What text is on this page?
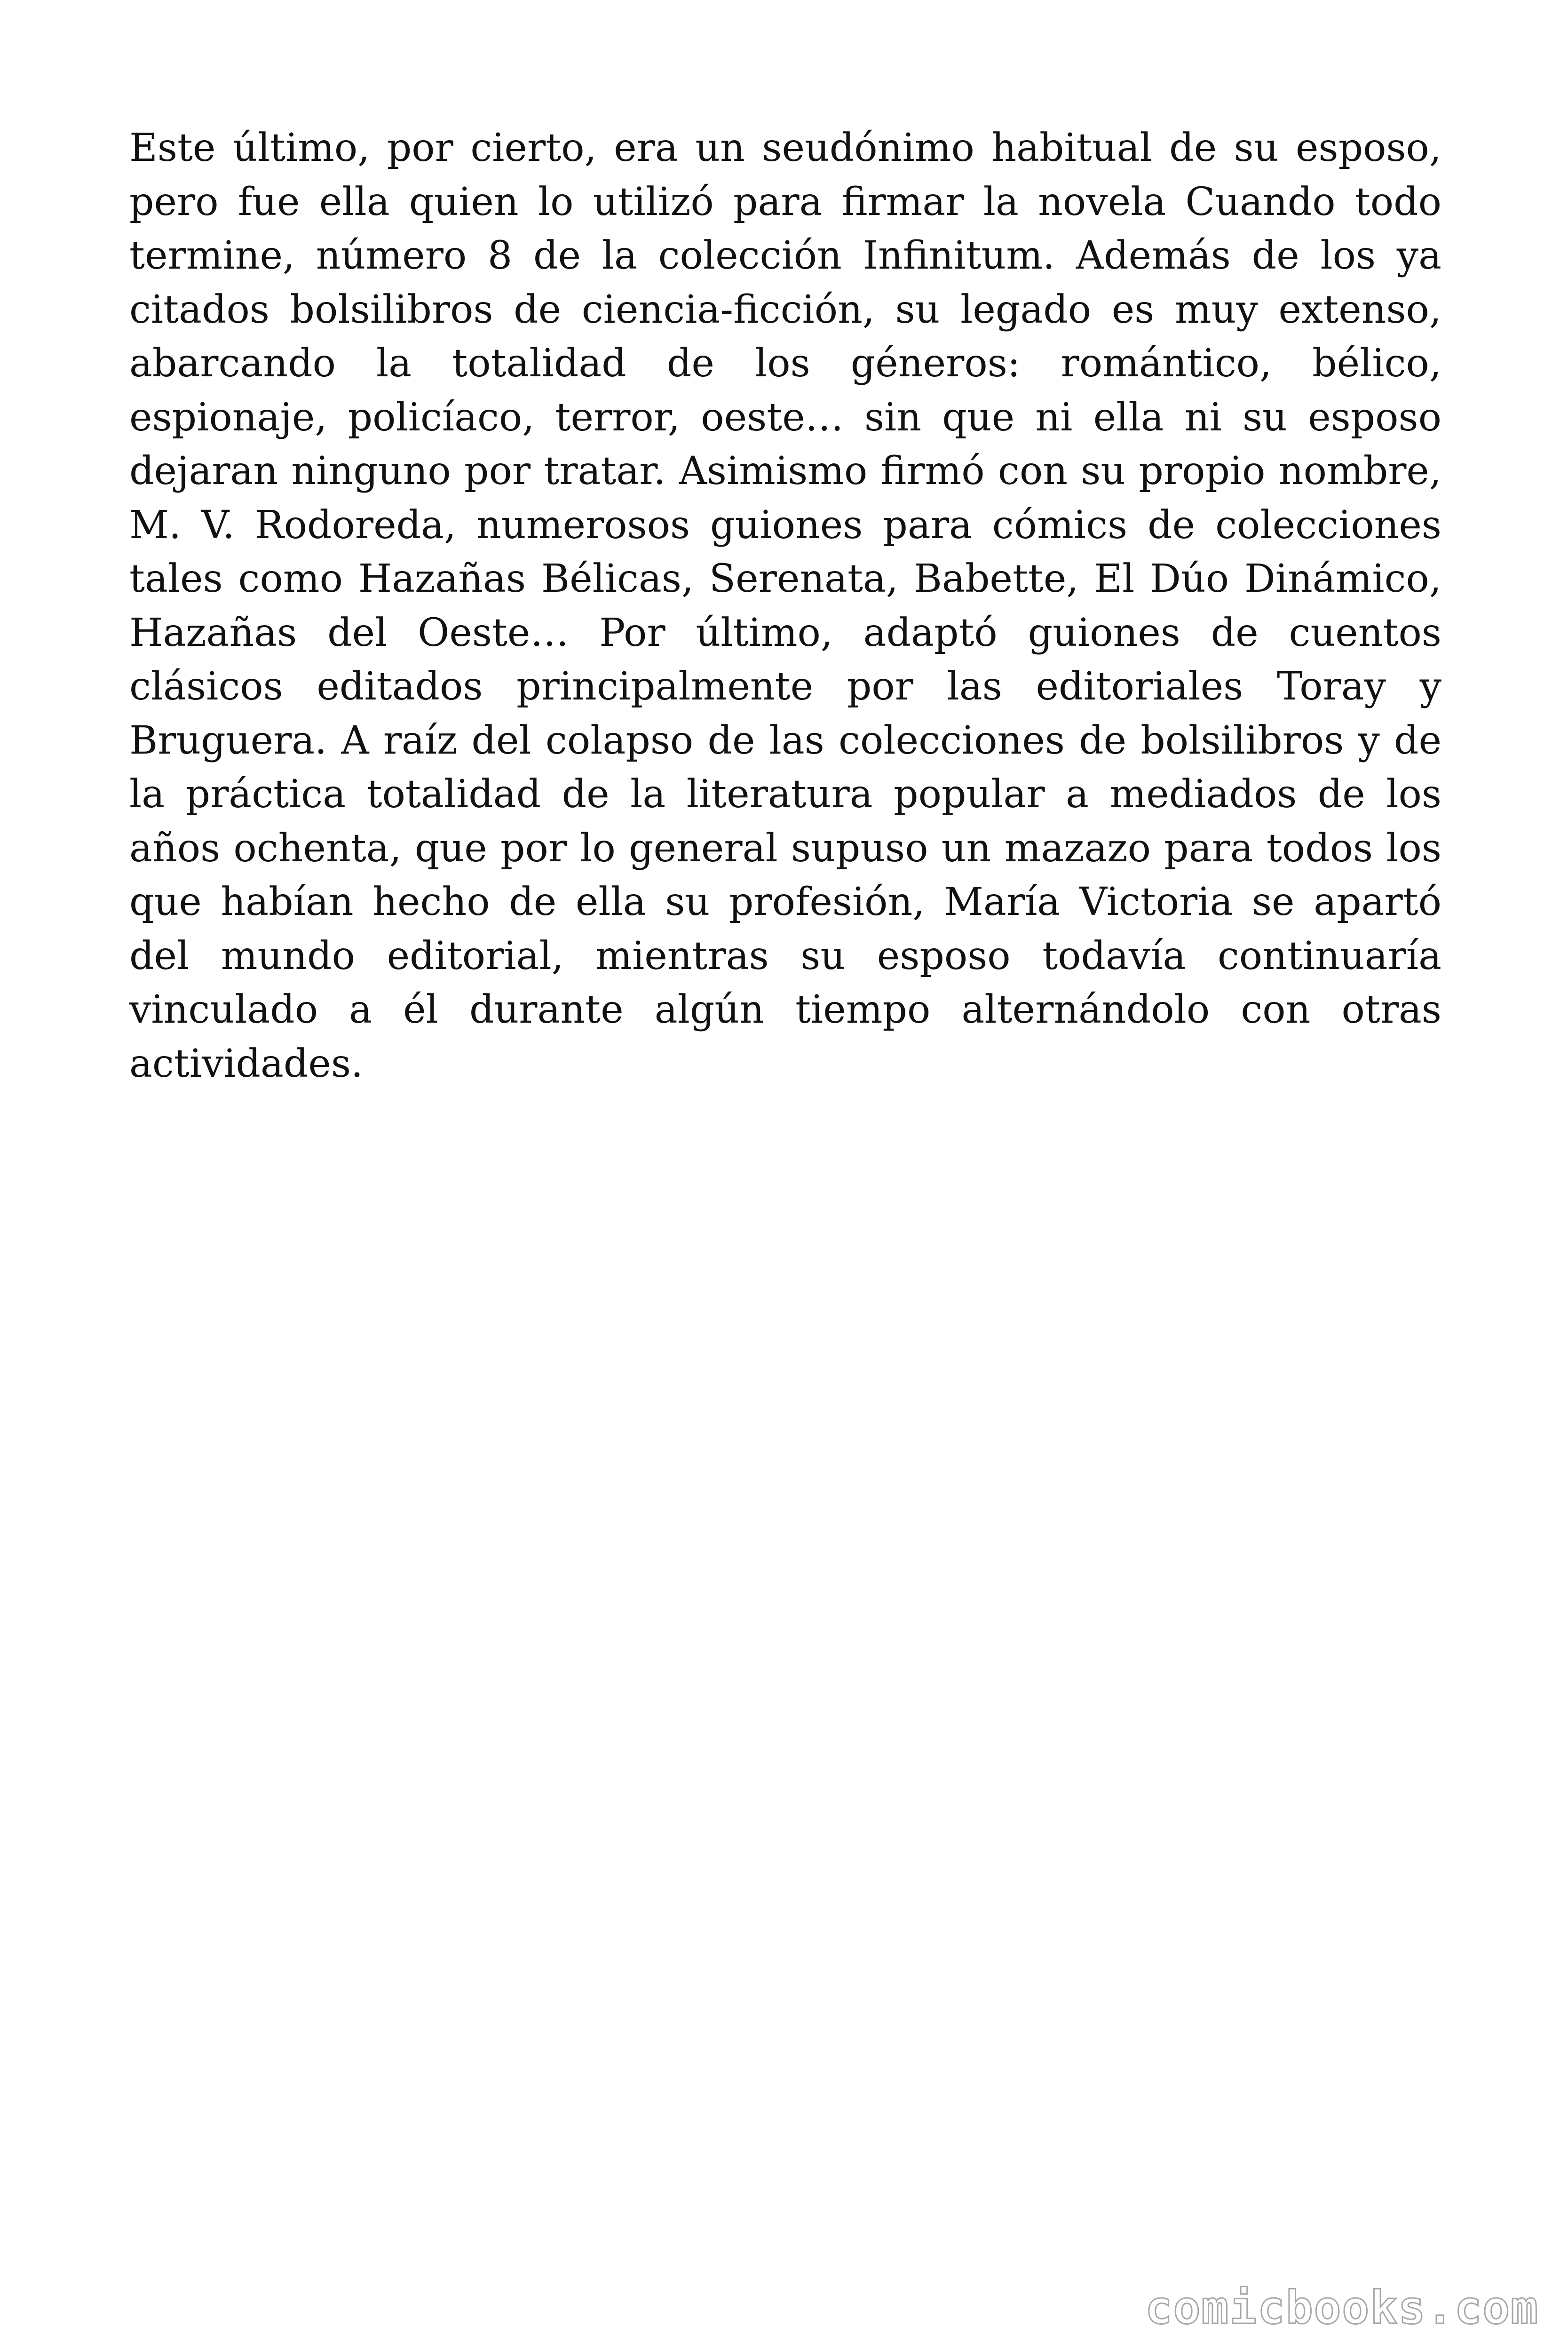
Este último, por cierto, era un seudónimo habitual de su esposo, pero fue ella quien lo utilizó para firmar la novela Cuando todo termine, número 8 de la colección Infinitum. Además de los ya citados bolsilibros de ciencia-ficción, su legado es muy extenso, abarcando la totalidad de los géneros: romántico, bélico, espionaje, policíaco, terror, oeste… sin que ni ella ni su esposo dejaran ninguno por tratar. Asimismo firmó con su propio nombre, M. V. Rodoreda, numerosos guiones para cómics de colecciones tales como Hazañas Bélicas, Serenata, Babette, El Dúo Dinámico, Hazañas del Oeste… Por último, adaptó guiones de cuentos clásicos editados principalmente por las editoriales Toray y Bruguera. A raíz del colapso de las colecciones de bolsilibros y de la práctica totalidad de la literatura popular a mediados de los años ochenta, que por lo general supuso un mazazo para todos los que habían hecho de ella su profesión, María Victoria se apartó del mundo editorial, mientras su esposo todavía continuaría vinculado a él durante algún tiempo alternándolo con otras actividades.

comicbooks.com
